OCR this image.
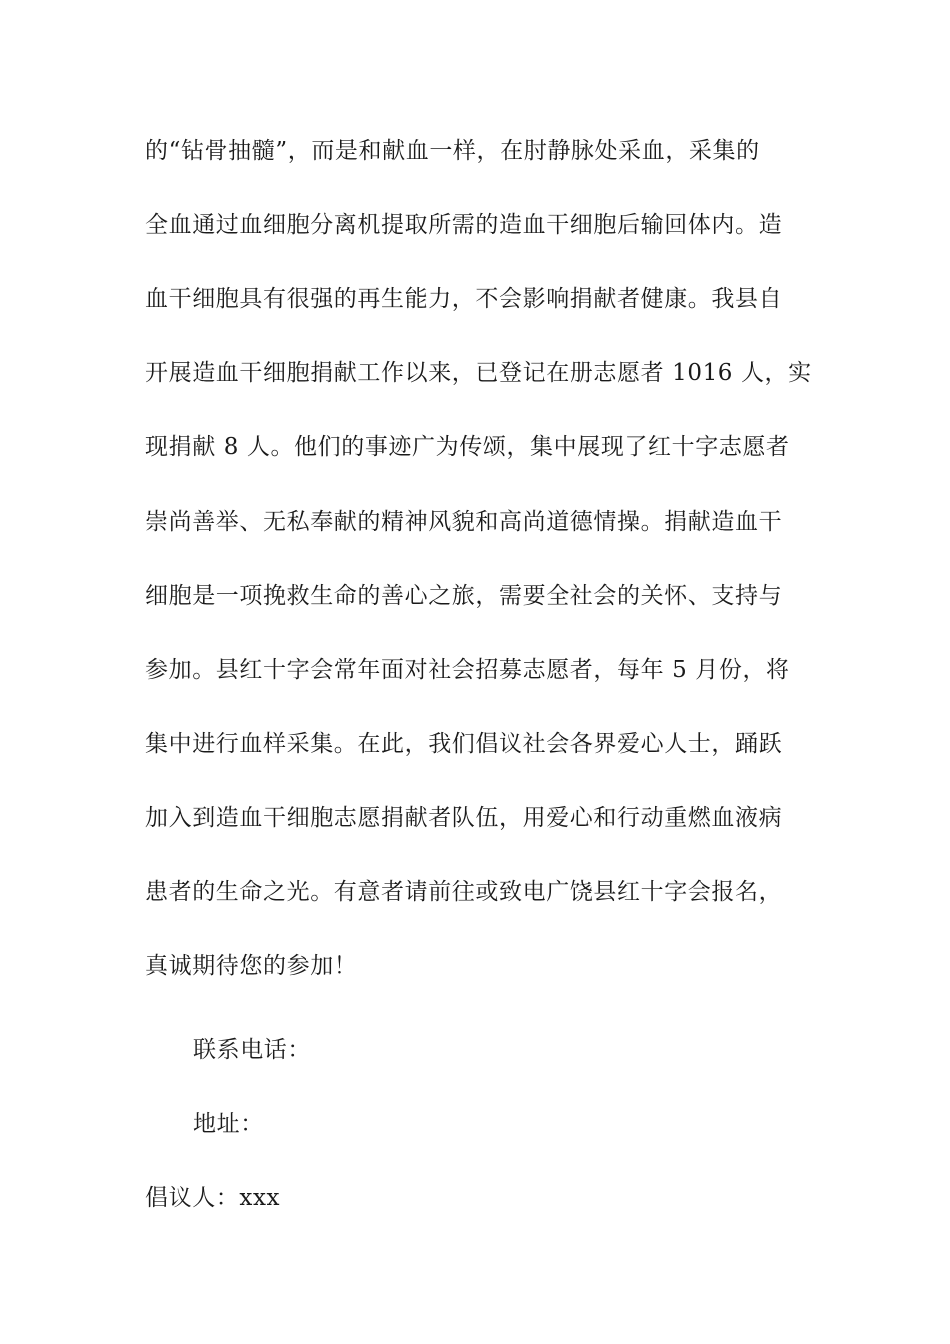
的“钻骨抽髓”，而是和献血一样，在肘静脉处采血，采集的
全血通过血细胞分离机提取所需的造血干细胞后输回体内。造
血干细胞具有很强的再生能力，不会影响捐献者健康。我县自
开展造血干细胞捐献工作以来，已登记在册志愿者 1016 人，实
现捐献 8 人。他们的事迹广为传颂，集中展现了红十字志愿者
崇尚善举、无私奉献的精神风貌和高尚道德情操。捐献造血干
细胞是一项挽救生命的善心之旅，需要全社会的关怀、支持与
参加。县红十字会常年面对社会招募志愿者，每年 5 月份，将
集中进行血样采集。在此，我们倡议社会各界爱心人士，踊跃
加入到造血干细胞志愿捐献者队伍，用爱心和行动重燃血液病
患者的生命之光。有意者请前往或致电广饶县红十字会报名，
真诚期待您的参加！
联系电话：
地址：
倡议人：xxx
